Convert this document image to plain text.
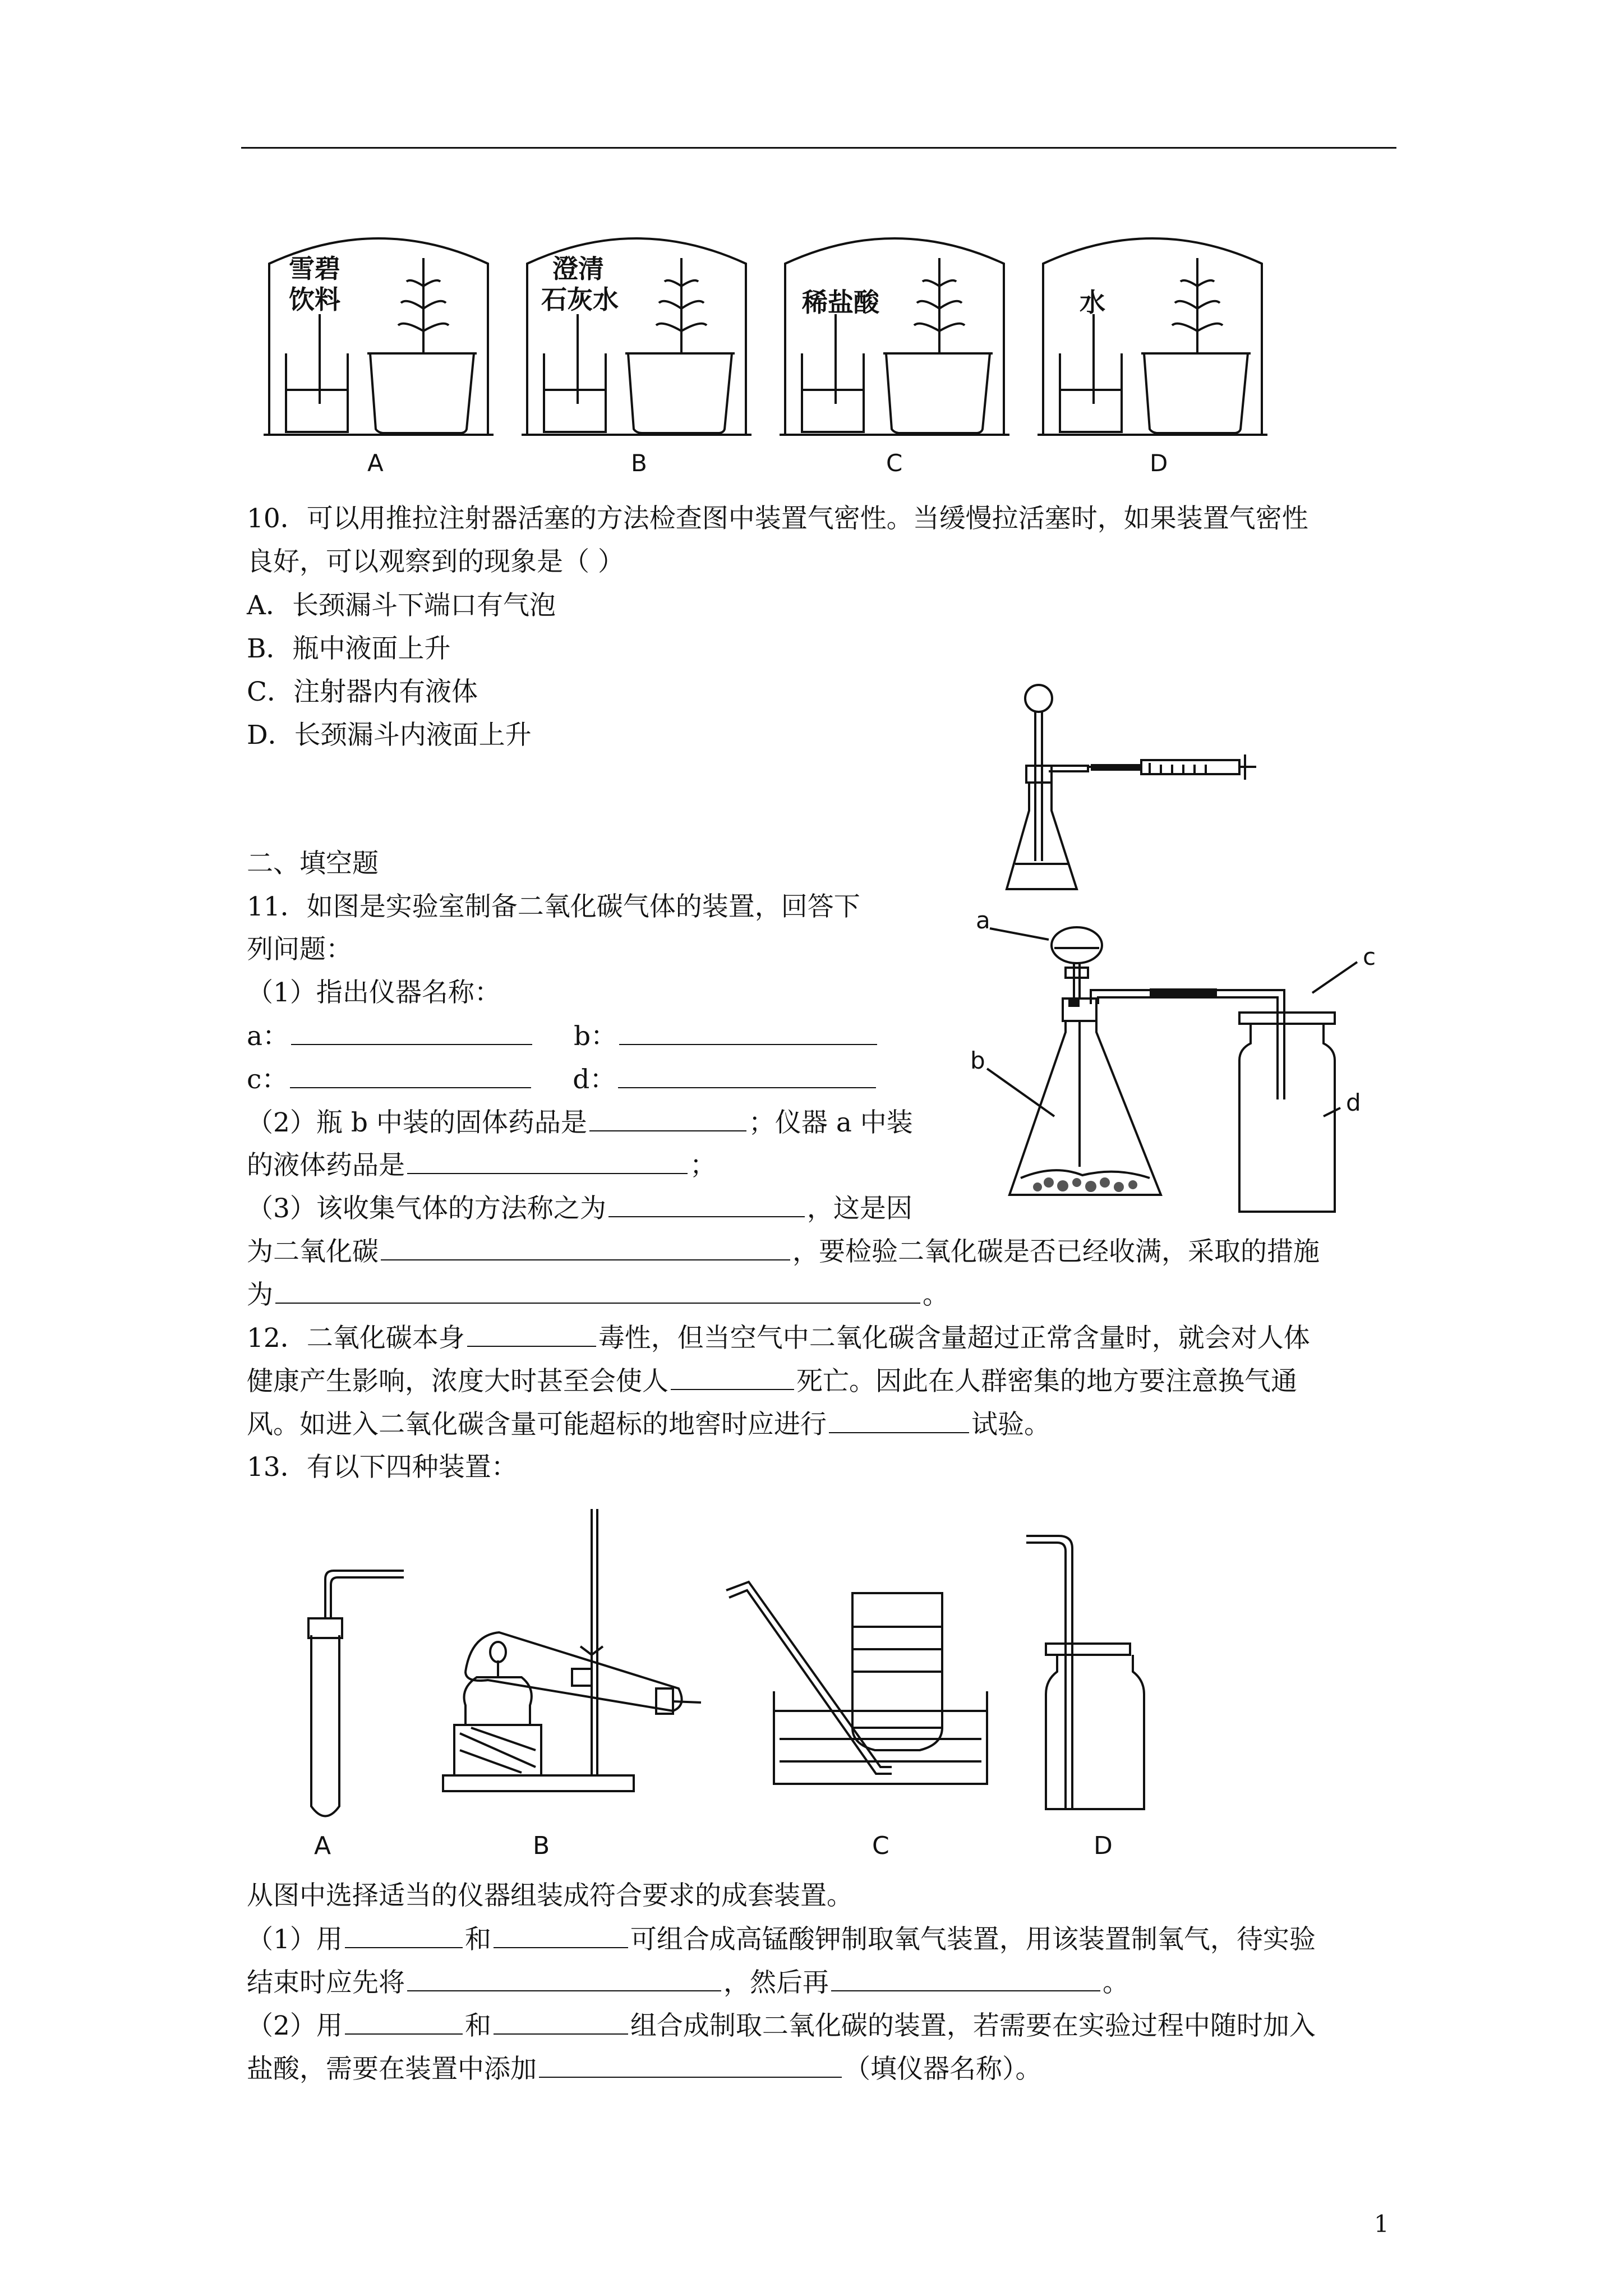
雪碧
饮料
A
澄清
石灰水
B
稀盐酸
C
水
D
10．可以用推拉注射器活塞的方法检查图中装置气密性。当缓慢拉活塞时，如果装置气密性
良好，可以观察到的现象是（ ）
A．长颈漏斗下端口有气泡
B．瓶中液面上升
C．注射器内有液体
D．长颈漏斗内液面上升
二、填空题
11．如图是实验室制备二氧化碳气体的装置，回答下
列问题：
（1）指出仪器名称：
a：	b：
c：	d：
（2）瓶 b 中装的固体药品是	；仪器 a 中装
的液体药品是	；
（3）该收集气体的方法称之为	，这是因
为二氧化碳	，要检验二氧化碳是否已经收满，采取的措施
为	。
a
b
c
d
12．二氧化碳本身	毒性，但当空气中二氧化碳含量超过正常含量时，就会对人体
健康产生影响，浓度大时甚至会使人	死亡。因此在人群密集的地方要注意换气通
风。如进入二氧化碳含量可能超标的地窖时应进行	试验。
13．有以下四种装置：
A	B	C	D
从图中选择适当的仪器组装成符合要求的成套装置。
（1）用	和	可组合成高锰酸钾制取氧气装置，用该装置制氧气，待实验
结束时应先将	，然后再	。
（2）用	和	组合成制取二氧化碳的装置，若需要在实验过程中随时加入
盐酸，需要在装置中添加	（填仪器名称）。
1
